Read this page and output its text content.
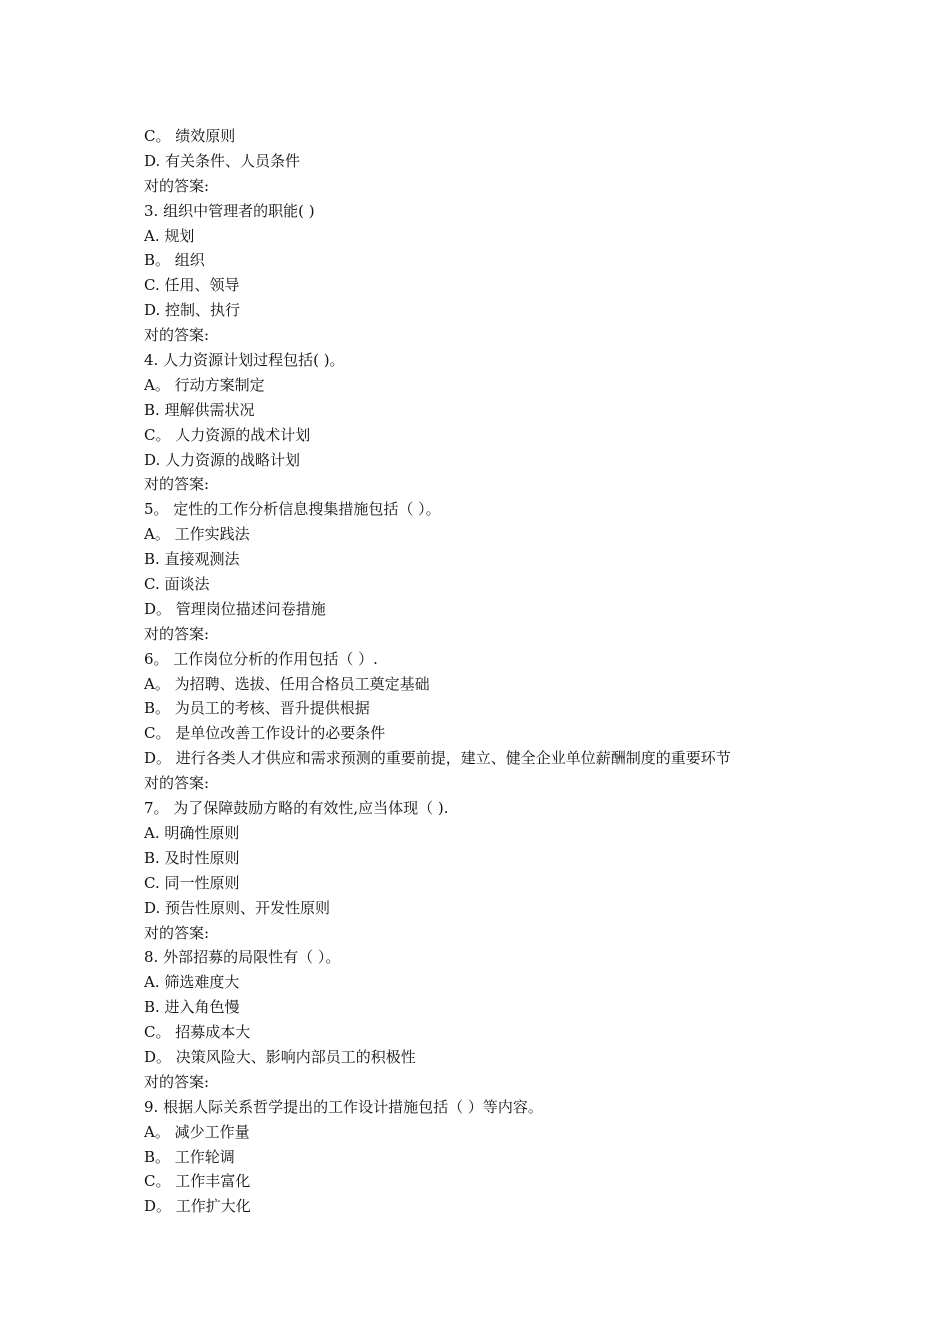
C。 绩效原则
D. 有关条件、人员条件
对的答案:
3. 组织中管理者的职能( )
A. 规划
B。 组织
C. 任用、领导
D. 控制、执行
对的答案:
4. 人力资源计划过程包括( )。
A。 行动方案制定
B. 理解供需状况
C。 人力资源的战术计划
D. 人力资源的战略计划
对的答案:
5。 定性的工作分析信息搜集措施包括（ ）。
A。 工作实践法
B. 直接观测法
C. 面谈法
D。 管理岗位描述问卷措施
对的答案:
6。 工作岗位分析的作用包括（ ）.
A。 为招聘、选拔、任用合格员工奠定基础
B。 为员工的考核、晋升提供根据
C。 是单位改善工作设计的必要条件
D。 进行各类人才供应和需求预测的重要前提，建立、健全企业单位薪酬制度的重要环节
对的答案:
7。 为了保障鼓励方略的有效性,应当体现（ ).
A. 明确性原则
B. 及时性原则
C. 同一性原则
D. 预告性原则、开发性原则
对的答案:
8. 外部招募的局限性有（ ）。
A. 筛选难度大
B. 进入角色慢
C。 招募成本大
D。 决策风险大、影响内部员工的积极性
对的答案:
9. 根据人际关系哲学提出的工作设计措施包括（ ）等内容。
A。 减少工作量
B。 工作轮调
C。 工作丰富化
D。 工作扩大化
